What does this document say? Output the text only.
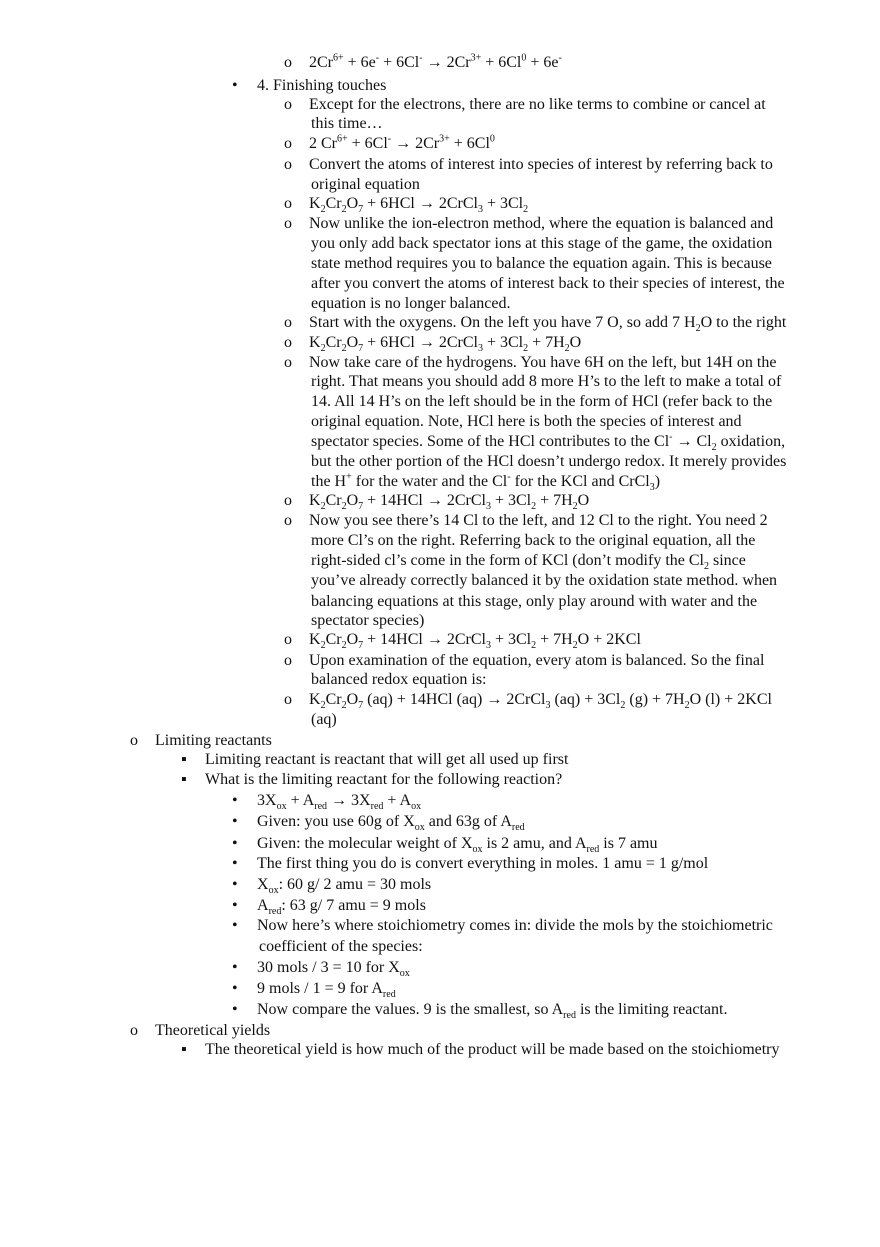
o
•
o
o
o
o
o
o
o
o
o
o
o
o
o
o
▪
▪
•
•
•
•
•
•
•
•
•
•
o
▪
$2Cr^{6+} + 6e^- + 6Cl^- \to 2Cr^{3+} + 6Cl^0 + 6e^-$
4. Finishing touches
Except for the electrons, there are no like terms to combine or cancel at
this time…
2 $Cr^{6+} + 6Cl^- \to 2Cr^{3+} + 6Cl^0$
Convert the atoms of interest into species of interest by referring back to
original equation
$K_2Cr_2O_7 + 6HCl$ → 2CrCl$_3$ + $3Cl_2$
Now unlike the ion-electron method, where the equation is balanced and
you only add back spectator ions at this stage of the game, the oxidation
state method requires you to balance the equation again. This is because
after you convert the atoms of interest back to their species of interest, the
equation is no longer balanced.
Start with the oxygens. On the left you have 7 O, so add 7 $H_2O$ to the right
$K_2Cr_2O_7 + 6HCl$ → 2CrCl$_3$ + $3Cl_2 + 7H_2O$
Now take care of the hydrogens. You have 6H on the left, but 14H on the
right. That means you should add 8 more H’s to the left to make a total of
14. All 14 H’s on the left should be in the form of HCl (refer back to the
original equation. Note, HCl here is both the species of interest and
spectator species. Some of the HCl contributes to the $Cl^- \to Cl_2$ oxidation,
but the other portion of the HCl doesn’t undergo redox. It merely provides
the H+ for the water and the Cl- for the KCl and CrCl$_3$)
$K_2Cr_2O_7 + 14HCl$ → 2CrCl$_3$ + $3Cl_2 + 7H_2O$
Now you see there’s 14 Cl to the left, and 12 Cl to the right. You need 2
more Cl’s on the right. Referring back to the original equation, all the
right-sided cl’s come in the form of KCl (don’t modify the $Cl_2$ since
you’ve already correctly balanced it by the oxidation state method. when
balancing equations at this stage, only play around with water and the
spectator species)
$K_2Cr_2O_7 + 14HCl$ → 2CrCl$_3$ + $3Cl_2 + 7H_2O + 2KCl$
Upon examination of the equation, every atom is balanced. So the final
balanced redox equation is:
$K_2Cr_2O_7$ (aq) + 14HCl (aq) → 2CrCl$_3$ $(aq) + 3Cl_2$ $(g) + 7H_2O$ (l) + 2KCl
(aq)
Limiting reactants
Limiting reactant is reactant that will get all used up first
What is the limiting reactant for the following reaction?
$3X_{ox} + A_{red} \to 3X_{red} + A_{ox}$
Given: you use 60g of $X_{ox}$ and 63g of $A_{red}$
Given: the molecular weight of $X_{ox}$ is 2 amu, and $A_{red}$ is 7 amu
The first thing you do is convert everything in moles. 1 amu = 1 g/mol
$X_{ox}$: 60 g/ 2 amu = 30 mols
$A_{red}$: 63 g/ 7 amu = 9 mols
Now here’s where stoichiometry comes in: divide the mols by the stoichiometric
coefficient of the species:
30 mols / 3 = 10 for $X_{ox}$
9 mols / 1 = 9 for $A_{red}$
Now compare the values. 9 is the smallest, so $A_{red}$ is the limiting reactant.
Theoretical yields
The theoretical yield is how much of the product will be made based on the stoichiometry
